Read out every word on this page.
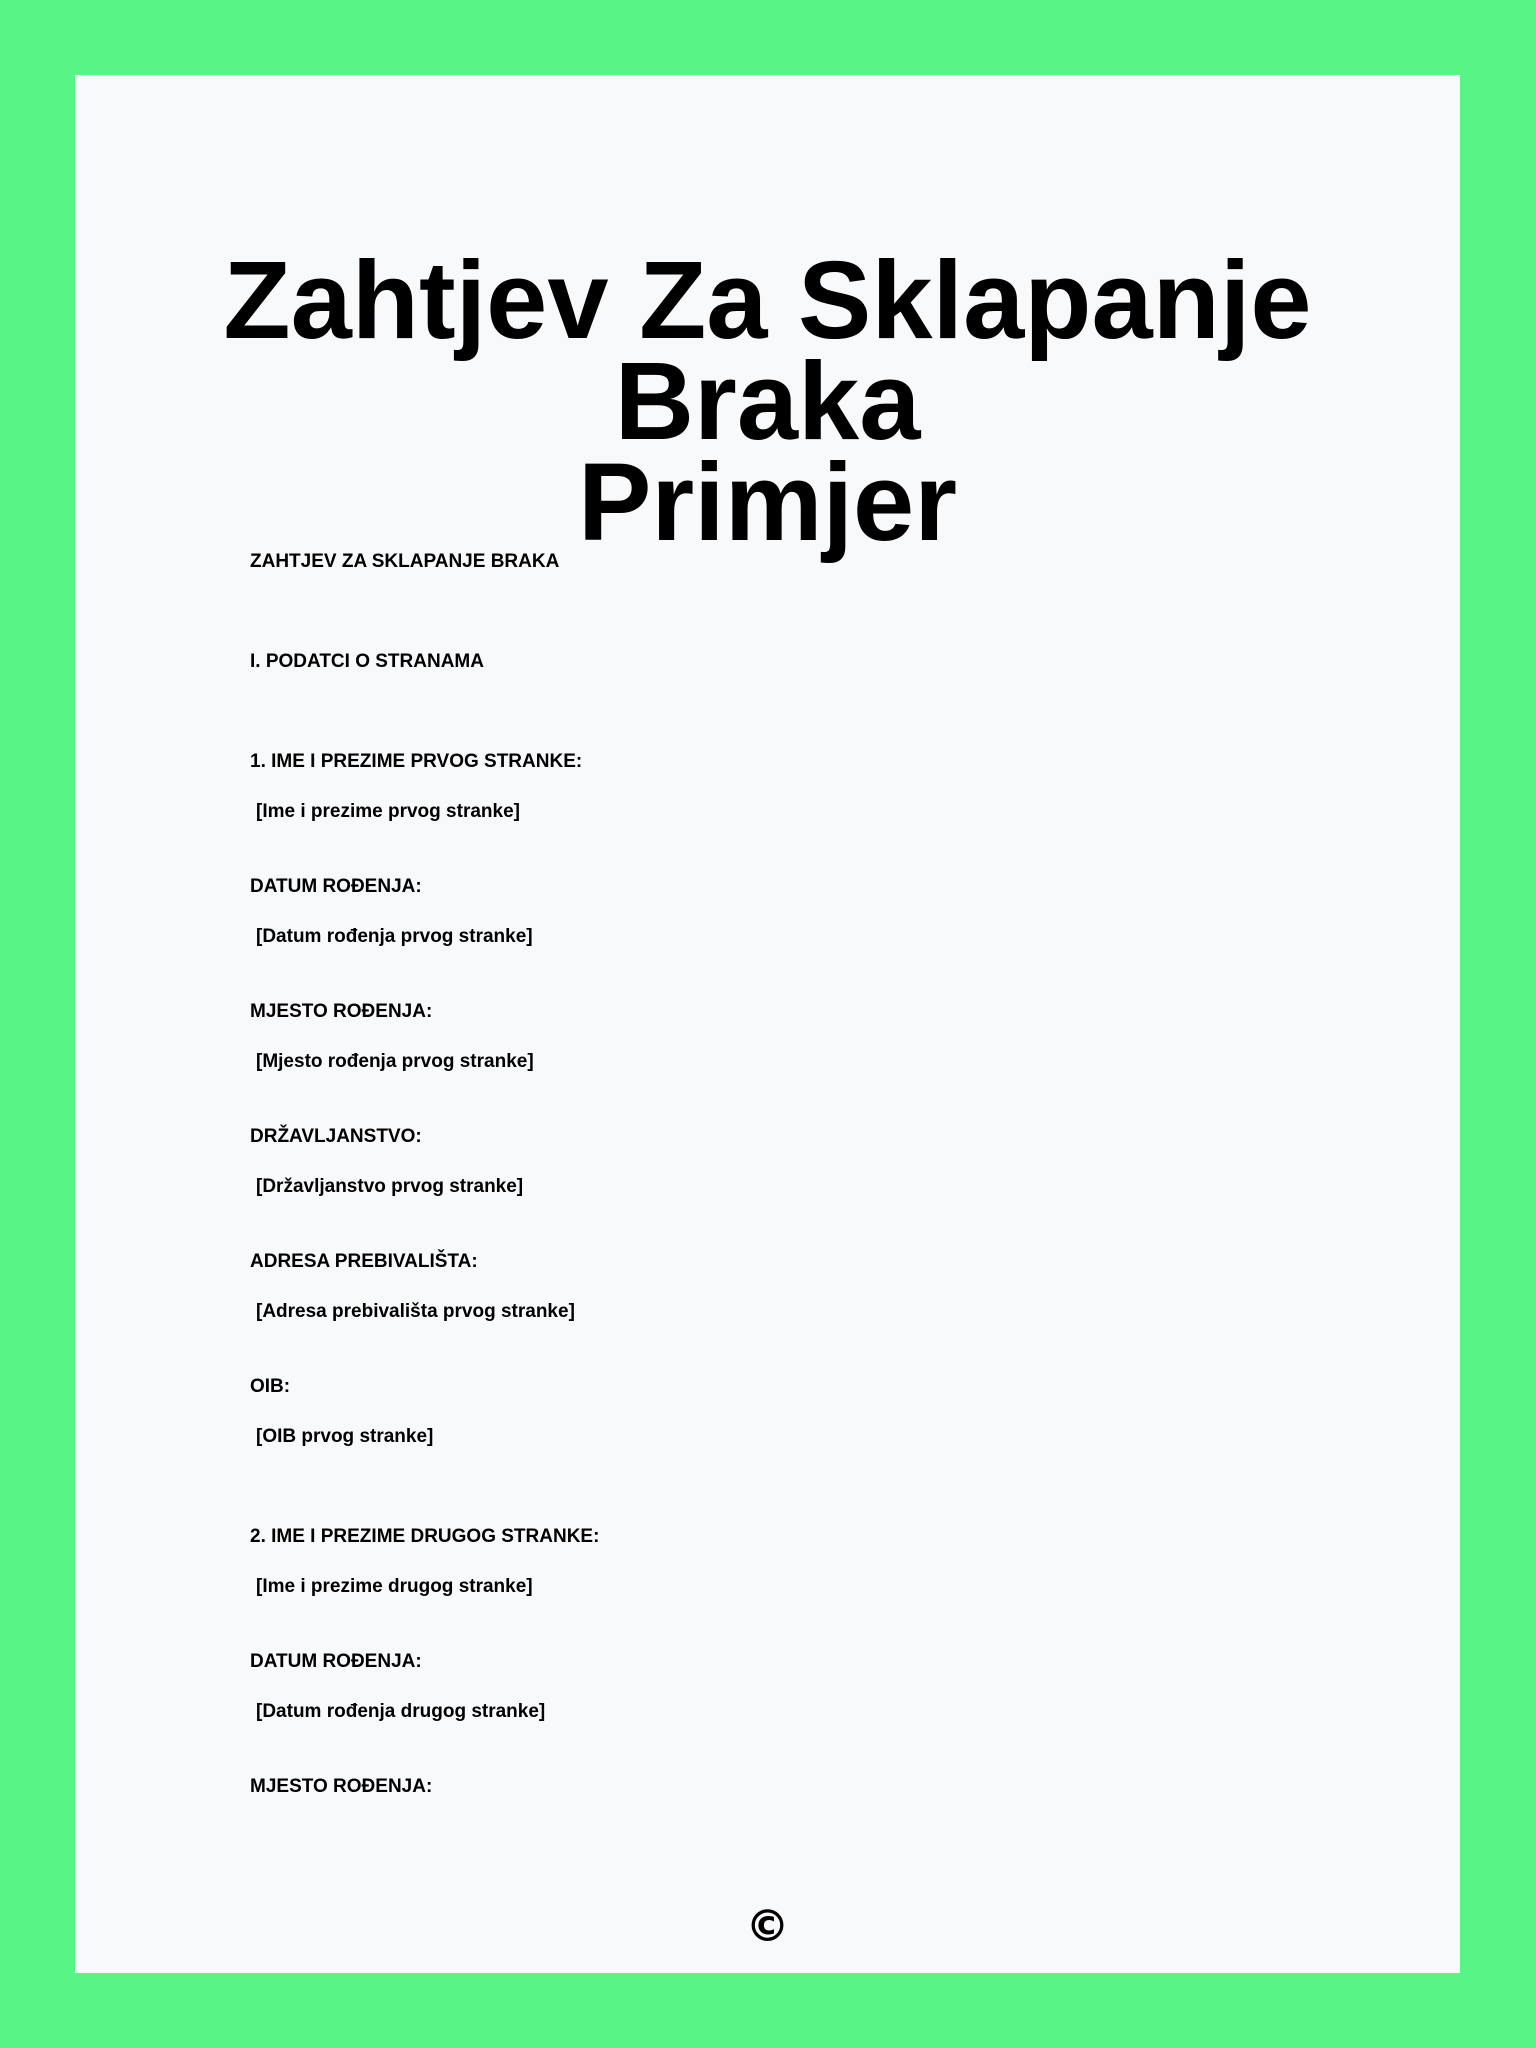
Zahtjev Za Sklapanje Braka
Primjer
ZAHTJEV ZA SKLAPANJE BRAKA
I. PODATCI O STRANAMA
1. IME I PREZIME PRVOG STRANKE:
[Ime i prezime prvog stranke]
DATUM ROĐENJA:
[Datum rođenja prvog stranke]
MJESTO ROĐENJA:
[Mjesto rođenja prvog stranke]
DRŽAVLJANSTVO:
[Državljanstvo prvog stranke]
ADRESA PREBIVALIŠTA:
[Adresa prebivališta prvog stranke]
OIB:
[OIB prvog stranke]
2. IME I PREZIME DRUGOG STRANKE:
[Ime i prezime drugog stranke]
DATUM ROĐENJA:
[Datum rođenja drugog stranke]
MJESTO ROĐENJA:
©
